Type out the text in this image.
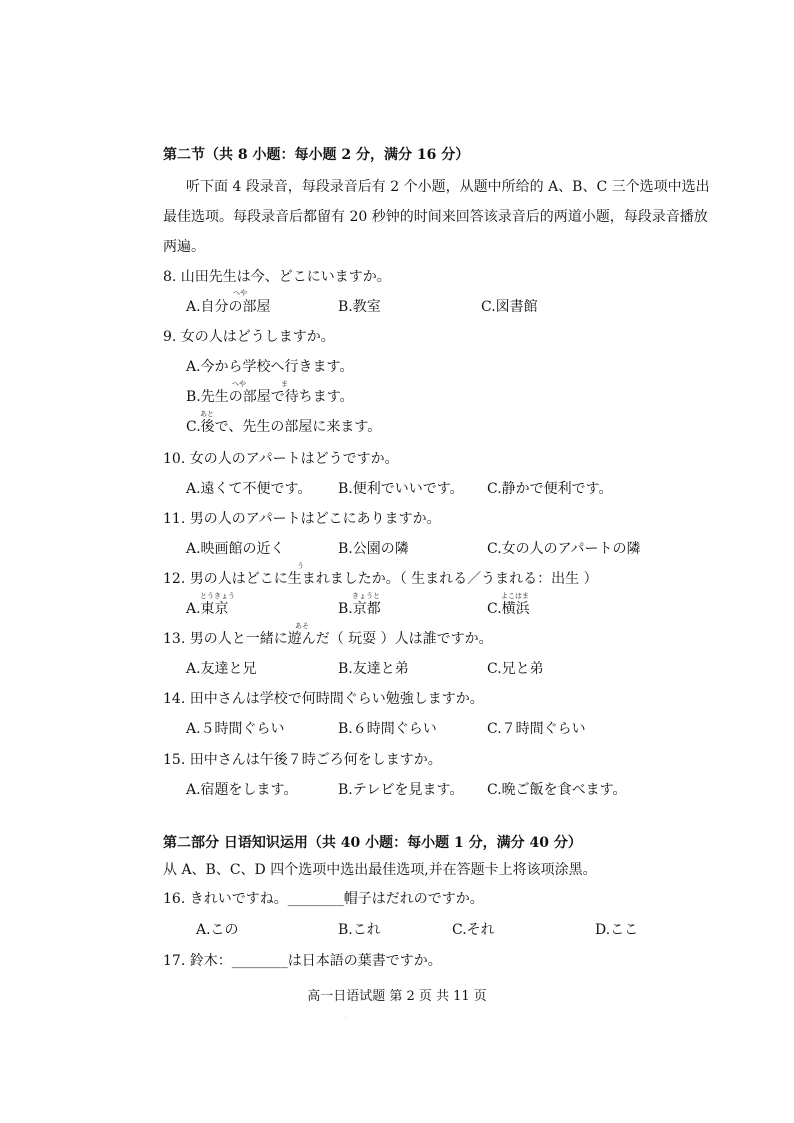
第二节（共 8 小题：每小题 2 分，满分 16 分）
听下面 4 段录音，每段录音后有 2 个小题，从题中所给的 A、B、C 三个选项中选出
最佳选项。每段录音后都留有 20 秒钟的时间来回答该录音后的两道小题，每段录音播放
两遍。
8. 山田先生は今、どこにいますか。
へや
A.自分の部屋	B.教室	C.図書館
9. 女の人はどうしますか。
A.今から学校へ行きます。
へや	ま
B.先生の部屋で待ちます。
あと
C.後で、先生の部屋に来ます。
10. 女の人のアパートはどうですか。
A.遠くて不便です。 B.便利でいいです。 C.静かで便利です。
11. 男の人のアパートはどこにありますか。
A.映画館の近く	B.公園の隣	C.女の人のアパートの隣
う
12. 男の人はどこに生まれましたか。（ 生まれる／うまれる：出生 ）
とうきょう	きょうと	よこはま
A.東京	B.京都	C.横浜
あそ
13. 男の人と一緒に遊んだ（ 玩耍 ）人は誰ですか。
A.友達と兄	B.友達と弟	C.兄と弟
14. 田中さんは学校で何時間ぐらい勉強しますか。
A.５時間ぐらい	B.６時間ぐらい	C.７時間ぐらい
15. 田中さんは午後７時ごろ何をしますか。
A.宿題をします。	B.テレビを見ます。 C.晩ご飯を食べます。
第二部分 日语知识运用（共 40 小题：每小题 1 分，满分 40 分）
从 A、B、C、D 四个选项中选出最佳选项,并在答题卡上将该项涂黑。
16. きれいですね。________帽子はだれのですか。
A.この	B.これ	C.それ	D.ここ
17. 鈴木：________は日本語の葉書ですか。
高一日语试题 第 2 页 共 11 页
·
